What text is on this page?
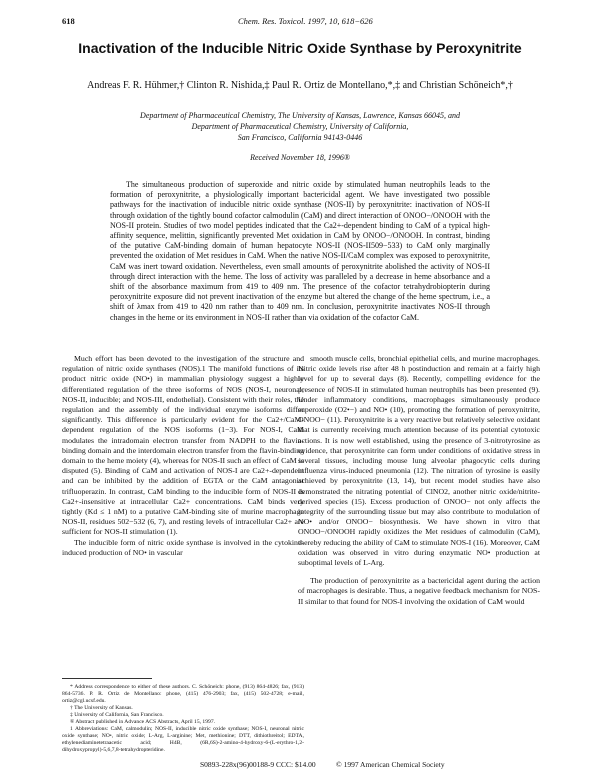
618	Chem. Res. Toxicol. 1997, 10, 618−626
Inactivation of the Inducible Nitric Oxide Synthase by Peroxynitrite
Andreas F. R. Hühmer,† Clinton R. Nishida,‡ Paul R. Ortiz de Montellano,*,‡ and Christian Schöneich*,†
Department of Pharmaceutical Chemistry, The University of Kansas, Lawrence, Kansas 66045, and
Department of Pharmaceutical Chemistry, University of California,
San Francisco, California 94143-0446
Received November 18, 1996®

The simultaneous production of superoxide and nitric oxide by stimulated human neutrophils leads to the formation of peroxynitrite, a physiologically important bactericidal agent. We have investigated two possible pathways for the inactivation of inducible nitric oxide synthase (NOS-II) by peroxynitrite: inactivation of NOS-II through oxidation of the tightly bound cofactor calmodulin (CaM) and direct interaction of ONOO−/ONOOH with the NOS-II protein. Studies of two model peptides indicated that the Ca2+-dependent binding to CaM of a typical high-affinity sequence, melittin, significantly prevented Met oxidation in CaM by ONOO−/ONOOH. In contrast, binding of the putative CaM-binding domain of human hepatocyte NOS-II (NOS-II509−533) to CaM only marginally prevented the oxidation of Met residues in CaM. When the native NOS-II/CaM complex was exposed to peroxynitrite, CaM was inert toward oxidation. Nevertheless, even small amounts of peroxynitrite abolished the activity of NOS-II through direct interaction with the heme. The loss of activity was paralleled by a decrease in heme absorbance and a shift of the absorbance maximum from 419 to 409 nm. The presence of the cofactor tetrahydrobiopterin during peroxynitrite exposure did not prevent inactivation of the enzyme but altered the change of the heme spectrum, i.e., a shift of λmax from 419 to 420 nm rather than to 409 nm. In conclusion, peroxynitrite inactivates NOS-II through changes in the heme or its environment in NOS-II rather than via oxidation of the cofactor CaM.

Much effort has been devoted to the investigation of the structure and regulation of nitric oxide synthases (NOS).1 The manifold functions of its product nitric oxide (NO•) in mammalian physiology suggest a highly differentiated regulation of the three isoforms of NOS (NOS-I, neuronal; NOS-II, inducible; and NOS-III, endothelial). Consistent with their roles, the regulation and the assembly of the individual enzyme isoforms differ significantly. This difference is particularly evident for the Ca2+/CaM-dependent regulation of the NOS isoforms (1−3). For NOS-I, CaM modulates the intradomain electron transfer from NADPH to the flavin-binding domain and the interdomain electron transfer from the flavin-binding domain to the heme moiety (4), whereas for NOS-II such an effect of CaM is disputed (5). Binding of CaM and activation of NOS-I are Ca2+-dependent and can be inhibited by the addition of EGTA or the CaM antagonist trifluoperazin. In contrast, CaM binding to the inducible form of NOS-II is Ca2+-insensitive at intracellular Ca2+ concentrations. CaM binds very tightly (Kd ≤ 1 nM) to a putative CaM-binding site of murine macrophage NOS-II, residues 502−532 (6, 7), and resting levels of intracellular Ca2+ are sufficient for NOS-II stimulation (1).

The inducible form of nitric oxide synthase is involved in the cytokine-induced production of NO• in vascular

smooth muscle cells, bronchial epithelial cells, and murine macrophages. Nitric oxide levels rise after 48 h postinduction and remain at a fairly high level for up to several days (8). Recently, compelling evidence for the presence of NOS-II in stimulated human neutrophils has been presented (9). Under inflammatory conditions, macrophages simultaneously produce superoxide (O2•−) and NO• (10), promoting the formation of peroxynitrite, ONOO− (11). Peroxynitrite is a very reactive but relatively selective oxidant that is currently receiving much attention because of its potential cytotoxic actions. It is now well established, using the presence of 3-nitrotyrosine as evidence, that peroxynitrite can form under conditions of oxidative stress in several tissues, including mouse lung alveolar phagocytic cells during influenza virus-induced pneumonia (12). The nitration of tyrosine is easily achieved by peroxynitrite (13, 14), but recent model studies have also demonstrated the nitrating potential of ClNO2, another nitric oxide/nitrite-derived species (15). Excess production of ONOO− not only affects the integrity of the surrounding tissue but may also contribute to modulation of NO• and/or ONOO− biosynthesis. We have shown in vitro that ONOO−/ONOOH rapidly oxidizes the Met residues of calmodulin (CaM), thereby reducing the ability of CaM to stimulate NOS-I (16). Moreover, CaM oxidation was observed in vitro during enzymatic NO• production at suboptimal levels of L-Arg.

The production of peroxynitrite as a bactericidal agent during the action of macrophages is desirable. Thus, a negative feedback mechanism for NOS-II similar to that found for NOS-I involving the oxidation of CaM would

* Address correspondence to either of these authors. C. Schöneich: phone, (913) 864-4826; fax, (913) 864-5736. P. R. Ortiz de Montellano: phone, (415) 476-2903; fax, (415) 502-4728; e-mail, ortiz@cgl.ucsf.edu.
† The University of Kansas.
‡ University of California, San Francisco.
® Abstract published in Advance ACS Abstracts, April 15, 1997.
1 Abbreviations: CaM, calmodulin; NOS-II, inducible nitric oxide synthase; NOS-I, neuronal nitric oxide synthase; NO•, nitric oxide; L-Arg, L-arginine; Met, methionine; DTT, dithiothreitol; EDTA, ethylenediaminetetraacetic acid; H4B, (6R,6S)-2-amino-4-hydroxy-6-(L-erythro-1,2-dihydroxypropyl)-5,6,7,8-tetrahydropteridine.
S0893-228x(96)00188-9 CCC: $14.00	© 1997 American Chemical Society
